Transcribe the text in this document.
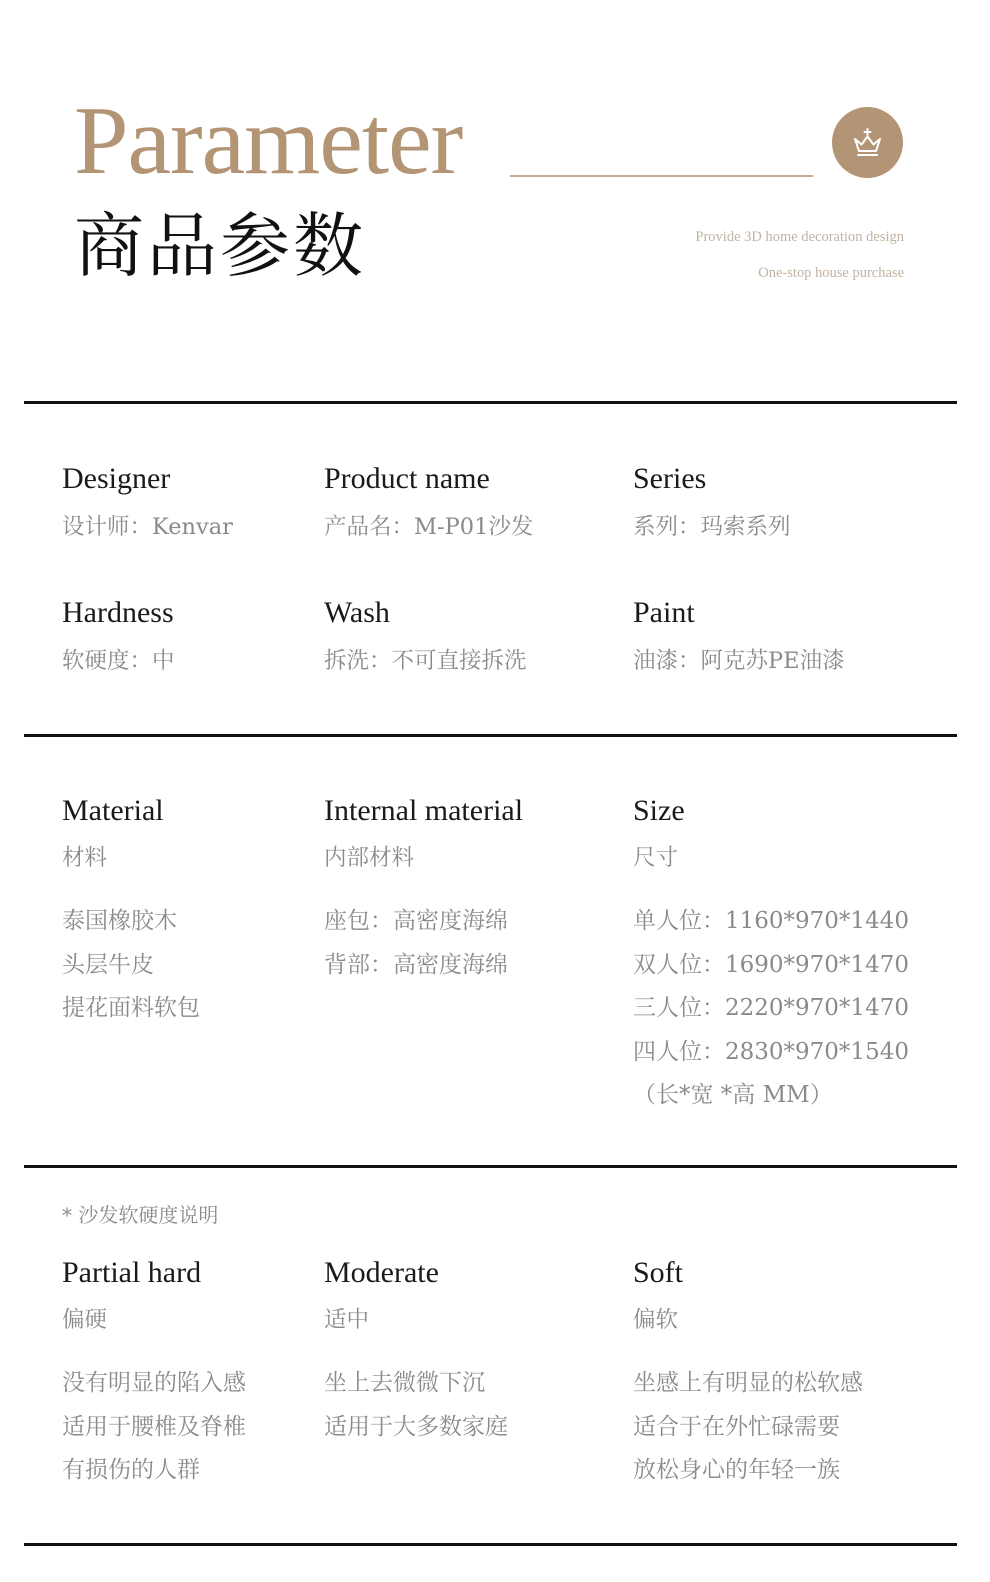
Parameter
商品参数	Provide 3D home decoration design
One-stop house purchase
Designer
设计师：Kenvar
Product name
产品名：M-P01沙发
Series
系列：玛索系列
Hardness
软硬度：中
Wash
拆洗：不可直接拆洗
Paint
油漆：阿克苏PE油漆
Material
材料
泰国橡胶木
头层牛皮
提花面料软包
Internal material
内部材料
座包：高密度海绵
背部：高密度海绵
Size
尺寸
单人位：1160*970*1440
双人位：1690*970*1470
三人位：2220*970*1470
四人位：2830*970*1540
（长*宽 *高 MM）
* 沙发软硬度说明
Partial hard
偏硬
没有明显的陷入感
适用于腰椎及脊椎
有损伤的人群
Moderate
适中
坐上去微微下沉
适用于大多数家庭
Soft
偏软
坐感上有明显的松软感
适合于在外忙碌需要
放松身心的年轻一族
